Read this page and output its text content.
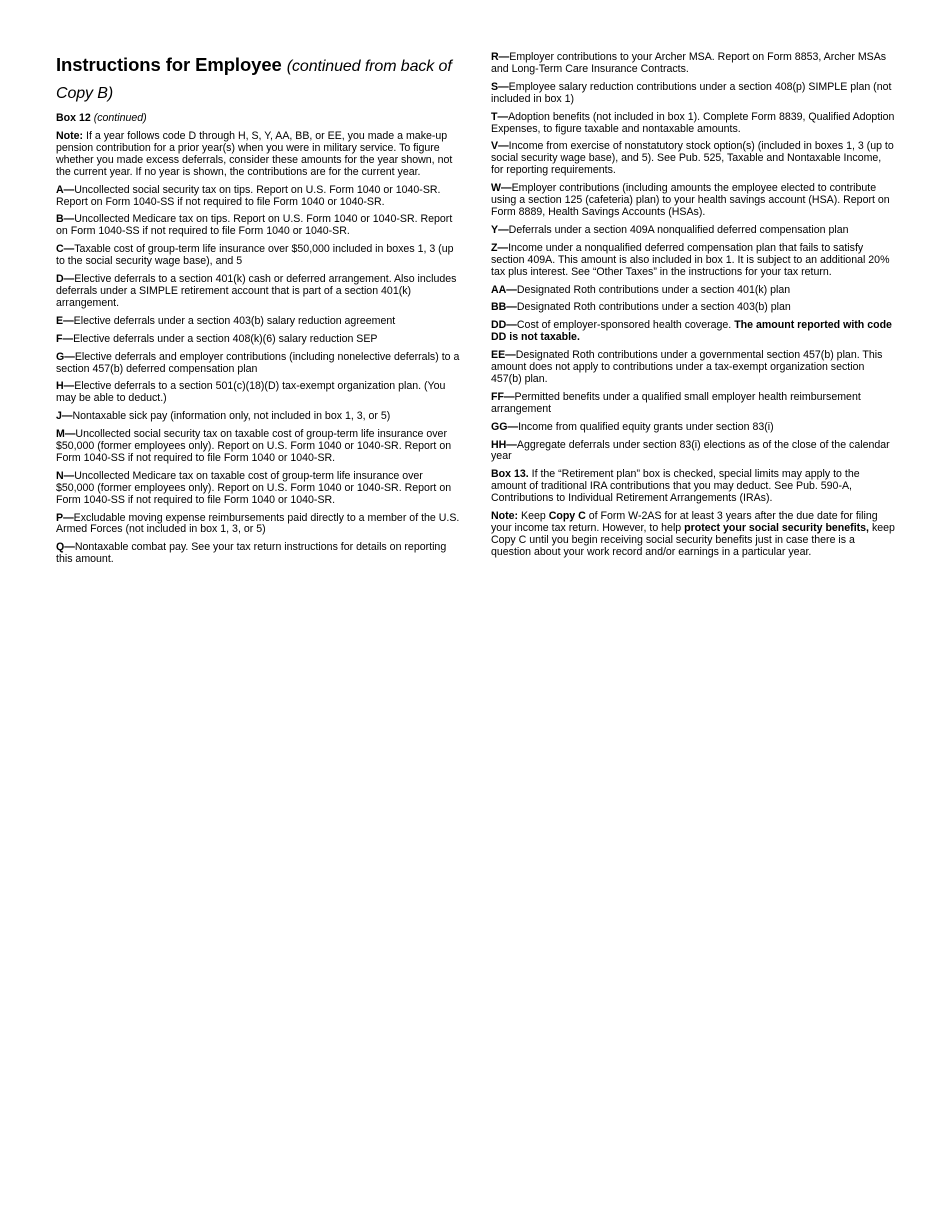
Instructions for Employee (continued from back of Copy B)
Box 12 (continued)

Note: If a year follows code D through H, S, Y, AA, BB, or EE, you made a make-up pension contribution for a prior year(s) when you were in military service. To figure whether you made excess deferrals, consider these amounts for the year shown, not the current year. If no year is shown, the contributions are for the current year.

A—Uncollected social security tax on tips. Report on U.S. Form 1040 or 1040-SR. Report on Form 1040-SS if not required to file Form 1040 or 1040-SR.

B—Uncollected Medicare tax on tips. Report on U.S. Form 1040 or 1040-SR. Report on Form 1040-SS if not required to file Form 1040 or 1040-SR.

C—Taxable cost of group-term life insurance over $50,000 included in boxes 1, 3 (up to the social security wage base), and 5

D—Elective deferrals to a section 401(k) cash or deferred arrangement. Also includes deferrals under a SIMPLE retirement account that is part of a section 401(k) arrangement.

E—Elective deferrals under a section 403(b) salary reduction agreement

F—Elective deferrals under a section 408(k)(6) salary reduction SEP

G—Elective deferrals and employer contributions (including nonelective deferrals) to a section 457(b) deferred compensation plan

H—Elective deferrals to a section 501(c)(18)(D) tax-exempt organization plan. (You may be able to deduct.)

J—Nontaxable sick pay (information only, not included in box 1, 3, or 5)

M—Uncollected social security tax on taxable cost of group-term life insurance over $50,000 (former employees only). Report on U.S. Form 1040 or 1040-SR. Report on Form 1040-SS if not required to file Form 1040 or 1040-SR.

N—Uncollected Medicare tax on taxable cost of group-term life insurance over $50,000 (former employees only). Report on U.S. Form 1040 or 1040-SR. Report on Form 1040-SS if not required to file Form 1040 or 1040-SR.

P—Excludable moving expense reimbursements paid directly to a member of the U.S. Armed Forces (not included in box 1, 3, or 5)

Q—Nontaxable combat pay. See your tax return instructions for details on reporting this amount.

R—Employer contributions to your Archer MSA. Report on Form 8853, Archer MSAs and Long-Term Care Insurance Contracts.

S—Employee salary reduction contributions under a section 408(p) SIMPLE plan (not included in box 1)

T—Adoption benefits (not included in box 1). Complete Form 8839, Qualified Adoption Expenses, to figure taxable and nontaxable amounts.

V—Income from exercise of nonstatutory stock option(s) (included in boxes 1, 3 (up to social security wage base), and 5). See Pub. 525, Taxable and Nontaxable Income, for reporting requirements.

W—Employer contributions (including amounts the employee elected to contribute using a section 125 (cafeteria) plan) to your health savings account (HSA). Report on Form 8889, Health Savings Accounts (HSAs).

Y—Deferrals under a section 409A nonqualified deferred compensation plan

Z—Income under a nonqualified deferred compensation plan that fails to satisfy section 409A. This amount is also included in box 1. It is subject to an additional 20% tax plus interest. See “Other Taxes” in the instructions for your tax return.

AA—Designated Roth contributions under a section 401(k) plan

BB—Designated Roth contributions under a section 403(b) plan

DD—Cost of employer-sponsored health coverage. The amount reported with code DD is not taxable.

EE—Designated Roth contributions under a governmental section 457(b) plan. This amount does not apply to contributions under a tax-exempt organization section 457(b) plan.

FF—Permitted benefits under a qualified small employer health reimbursement arrangement

GG—Income from qualified equity grants under section 83(i)

HH—Aggregate deferrals under section 83(i) elections as of the close of the calendar year

Box 13. If the “Retirement plan” box is checked, special limits may apply to the amount of traditional IRA contributions that you may deduct. See Pub. 590-A, Contributions to Individual Retirement Arrangements (IRAs).

Note: Keep Copy C of Form W-2AS for at least 3 years after the due date for filing your income tax return. However, to help protect your social security benefits, keep Copy C until you begin receiving social security benefits just in case there is a question about your work record and/or earnings in a particular year.
